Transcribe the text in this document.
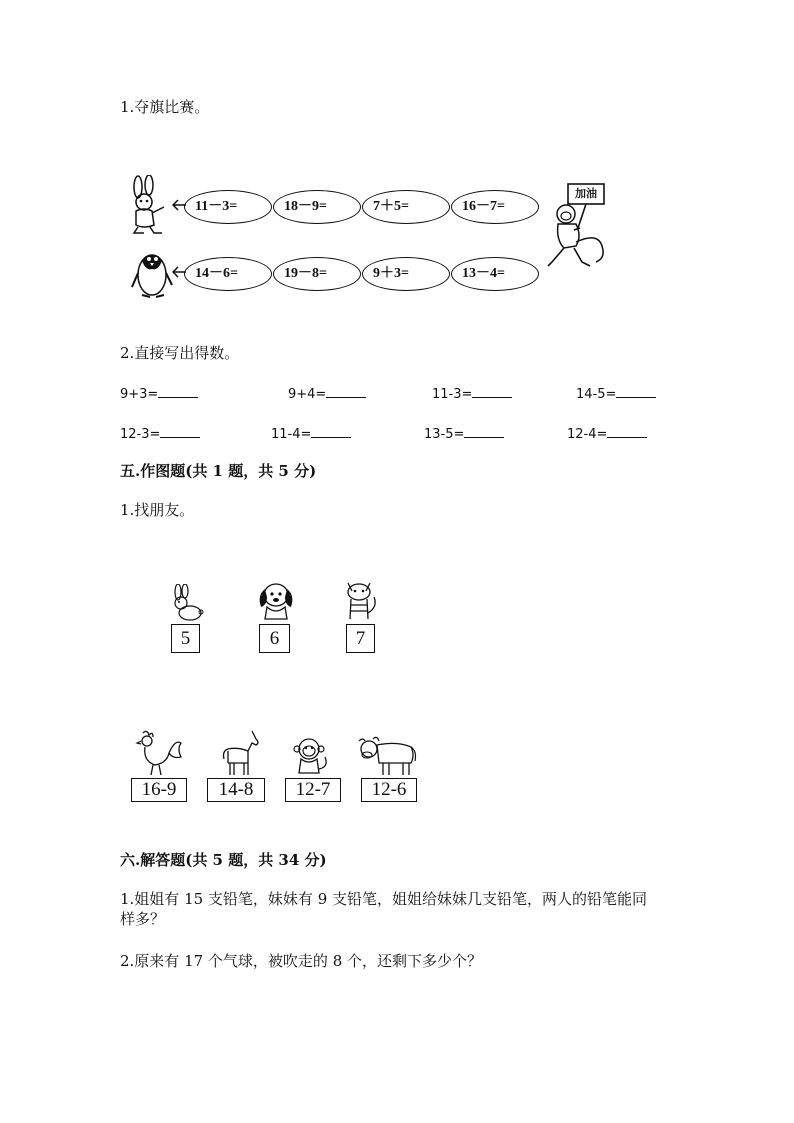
1.夺旗比赛。
11－3=	18－9=	7＋5=	16－7=
14－6=	19－8=	9＋3=	13－4=
加油
2.直接写出得数。
9+3=	9+4=	11-3=	14-5=
12-3=	11-4=	13-5=	12-4=
五.作图题(共 1 题，共 5 分)
1.找朋友。
5	6	7
16-9	14-8	12-7	12-6
六.解答题(共 5 题，共 34 分)
1.姐姐有 15 支铅笔，妹妹有 9 支铅笔，姐姐给妹妹几支铅笔，两人的铅笔能同
样多？
2.原来有 17 个气球，被吹走的 8 个，还剩下多少个？
